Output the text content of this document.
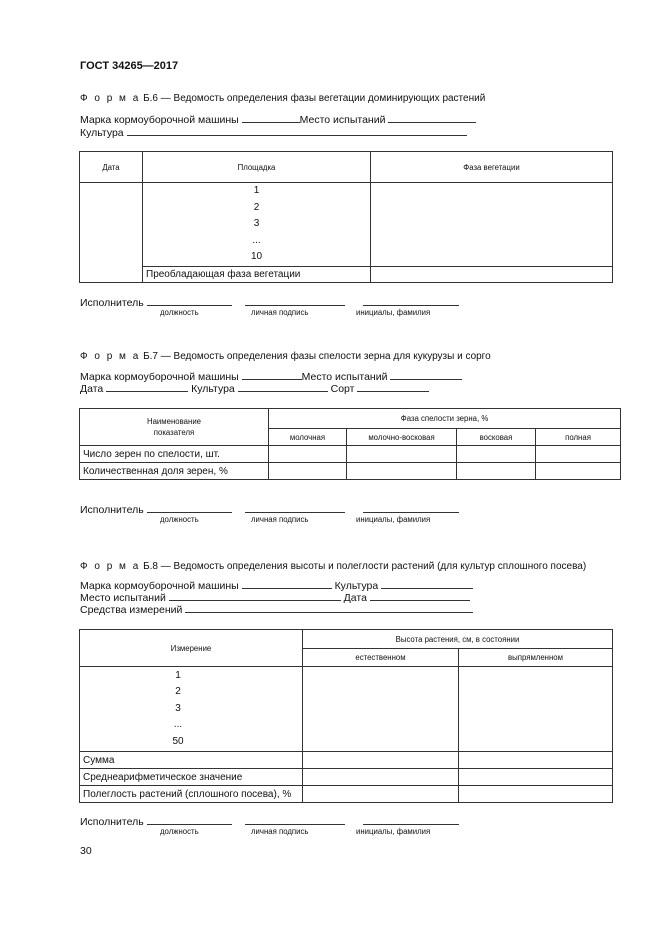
ГОСТ 34265—2017
Ф о р м а Б.6 — Ведомость определения фазы вегетации доминирующих растений
Марка кормоуборочной машины	Место испытаний
Культура
Дата	Площадка	Фаза вегетации

	1
2
3
...
10	

	Преобладающая фаза вегетации	
Исполнитель
должность	личная подпись	инициалы, фамилия
Ф о р м а Б.7 — Ведомость определения фазы спелости зерна для кукурузы и сорго
Марка кормоуборочной машины	Место испытаний
Дата	Культура	Сорт
Наименование
показателя	Фаза спелости зерна, %			
	молочная	молочно-восковая	восковая	полная
Число зерен по спелости, шт.				
Количественная доля зерен, %				
Исполнитель
должность	личная подпись	инициалы, фамилия
Ф о р м а Б.8 — Ведомость определения высоты и полеглости растений (для культур сплошного посева)
Марка кормоуборочной машины	Культура
Место испытаний	Дата
Средства измерений
Измерение	Высота растения, см, в состоянии	
	естественном	выпрямленном

1
2
3
...
50		

Сумма		
Среднеарифметическое значение		
Полеглость растений (сплошного посева), %		
Исполнитель
должность	личная подпись	инициалы, фамилия
30
